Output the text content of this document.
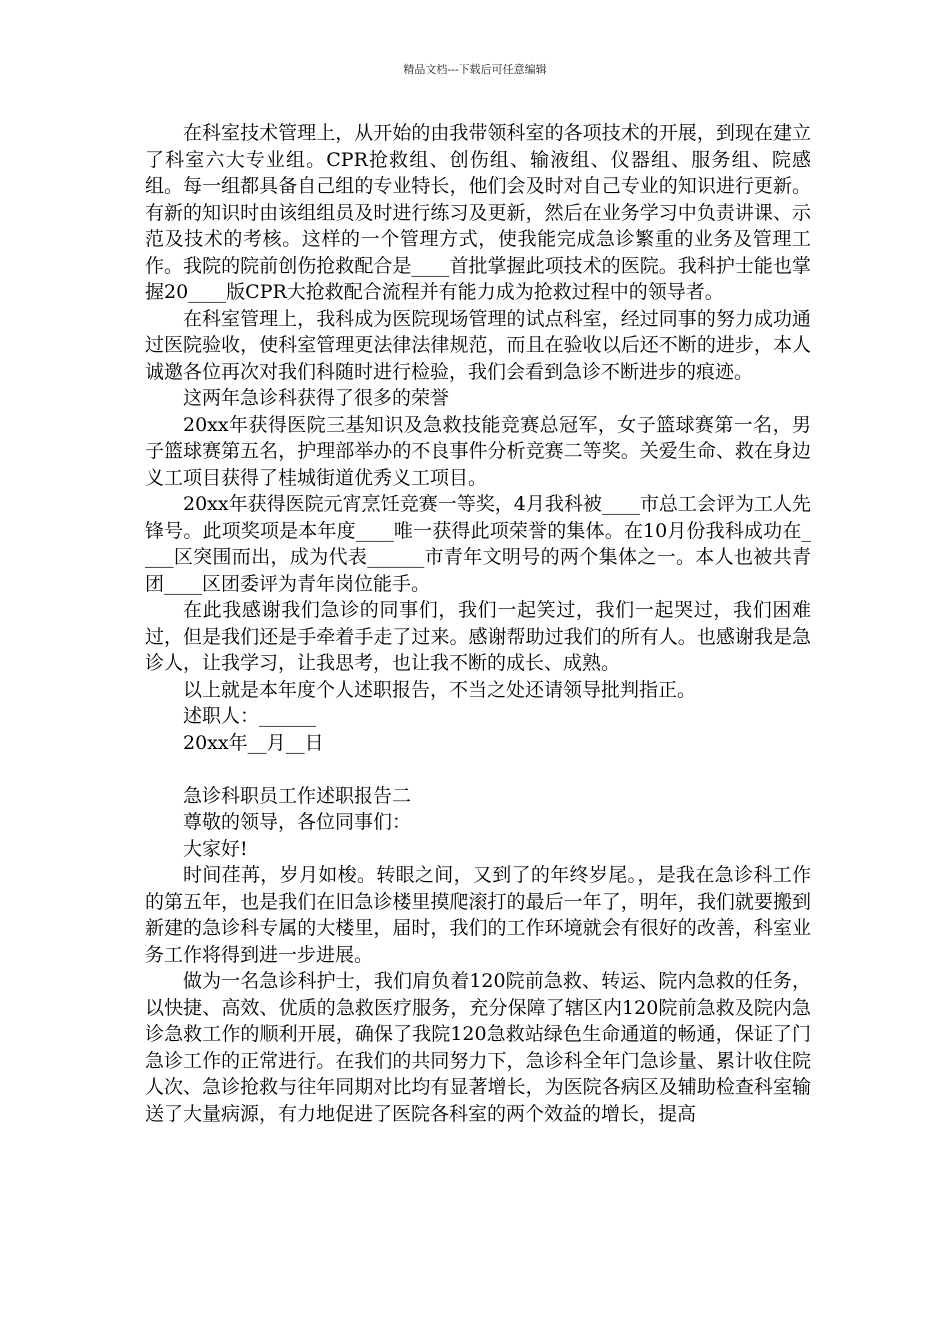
精品文档---下载后可任意编辑

在科室技术管理上，从开始的由我带领科室的各项技术的开展，到现在建立了科室六大专业组。CPR抢救组、创伤组、输液组、仪器组、服务组、院感组。每一组都具备自己组的专业特长，他们会及时对自己专业的知识进行更新。有新的知识时由该组组员及时进行练习及更新，然后在业务学习中负责讲课、示范及技术的考核。这样的一个管理方式，使我能完成急诊繁重的业务及管理工作。我院的院前创伤抢救配合是____首批掌握此项技术的医院。我科护士能也掌握20____版CPR大抢救配合流程并有能力成为抢救过程中的领导者。

在科室管理上，我科成为医院现场管理的试点科室，经过同事的努力成功通过医院验收，使科室管理更法律法律规范，而且在验收以后还不断的进步，本人诚邀各位再次对我们科随时进行检验，我们会看到急诊不断进步的痕迹。

这两年急诊科获得了很多的荣誉

20xx年获得医院三基知识及急救技能竞赛总冠军，女子篮球赛第一名，男子篮球赛第五名，护理部举办的不良事件分析竞赛二等奖。关爱生命、救在身边义工项目获得了桂城街道优秀义工项目。

20xx年获得医院元宵烹饪竞赛一等奖，4月我科被____市总工会评为工人先锋号。此项奖项是本年度____唯一获得此项荣誉的集体。在10月份我科成功在____区突围而出，成为代表______市青年文明号的两个集体之一。本人也被共青团____区团委评为青年岗位能手。

在此我感谢我们急诊的同事们，我们一起笑过，我们一起哭过，我们困难过，但是我们还是手牵着手走了过来。感谢帮助过我们的所有人。也感谢我是急诊人，让我学习，让我思考，也让我不断的成长、成熟。

以上就是本年度个人述职报告，不当之处还请领导批判指正。

述职人：______

20xx年__月__日

急诊科职员工作述职报告二

尊敬的领导，各位同事们：

大家好!

时间荏苒，岁月如梭。转眼之间，又到了的年终岁尾。，是我在急诊科工作的第五年，也是我们在旧急诊楼里摸爬滚打的最后一年了，明年，我们就要搬到新建的急诊科专属的大楼里，届时，我们的工作环境就会有很好的改善，科室业务工作将得到进一步进展。

做为一名急诊科护士，我们肩负着120院前急救、转运、院内急救的任务，以快捷、高效、优质的急救医疗服务，充分保障了辖区内120院前急救及院内急诊急救工作的顺利开展，确保了我院120急救站绿色生命通道的畅通，保证了门急诊工作的正常进行。在我们的共同努力下，急诊科全年门急诊量、累计收住院人次、急诊抢救与往年同期对比均有显著增长，为医院各病区及辅助检查科室输送了大量病源，有力地促进了医院各科室的两个效益的增长，提高
